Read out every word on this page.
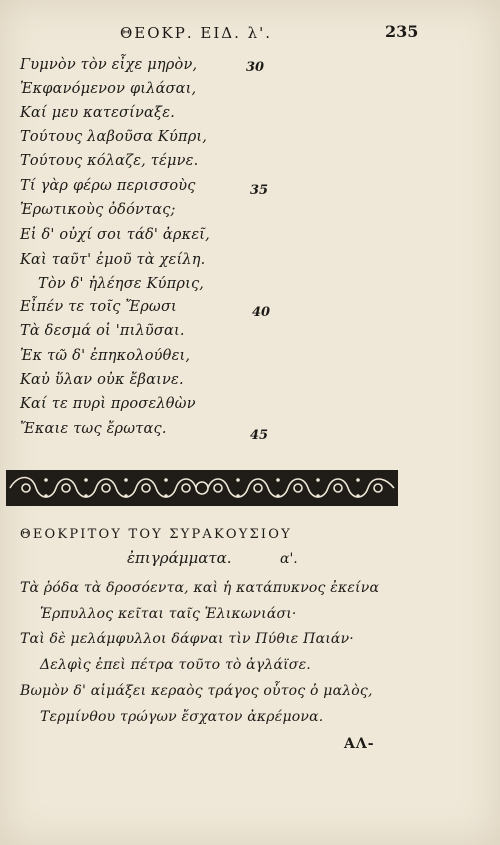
ΘΕΟΚΡ. ΕΙΔ. λ'.	235
Γυμνὸν τὸν εἶχε μηρὸν,
Ἐκφανόμενον φιλάσαι,
Καί μευ κατεσίναξε.
Τούτους λαβοῦσα Κύπρι,
Τούτους κόλαζε, τέμνε.
Τί γὰρ φέρω περισσοὺς
Ἐρωτικοὺς ὀδόντας;
Εἰ δ' οὐχί σοι τάδ' ἀρκεῖ,
Καὶ ταῦτ' ἐμοῦ τὰ χείλη.
Τὸν δ' ἠλέησε Κύπρις,
Εἶπέν τε τοῖς Ἔρωσι
Τὰ δεσμά οἱ 'πιλῦσαι.
Ἐκ τῶ δ' ἐπηκολούθει,
Καὐ ὕλαν οὐκ ἔβαινε.
Καί τε πυρὶ προσελθὼν
Ἔκαιε τως ἔρωτας.
30
35
40
45
ΘΕΟΚΡΙΤΟΥ ΤΟΥ ΣΥΡΑΚΟΥΣΙΟΥ
ἐπιγράμματα.	α'.
Τὰ ῥόδα τὰ δροσόεντα, καὶ ἡ κατάπυκνος ἐκείνα
Ἑρπυλλος κεῖται ταῖς Ἑλικωνιάσι·
Ταὶ δὲ μελάμφυλλοι δάφναι τὶν Πύθιε Παιάν·
Δελφὶς ἐπεὶ πέτρα τοῦτο τὸ ἀγλάϊσε.
Βωμὸν δ' αἱμάξει κεραὸς τράγος οὗτος ὁ μαλὸς,
Τερμίνθου τρώγων ἔσχατον ἀκρέμονα.
ΑΛ-
